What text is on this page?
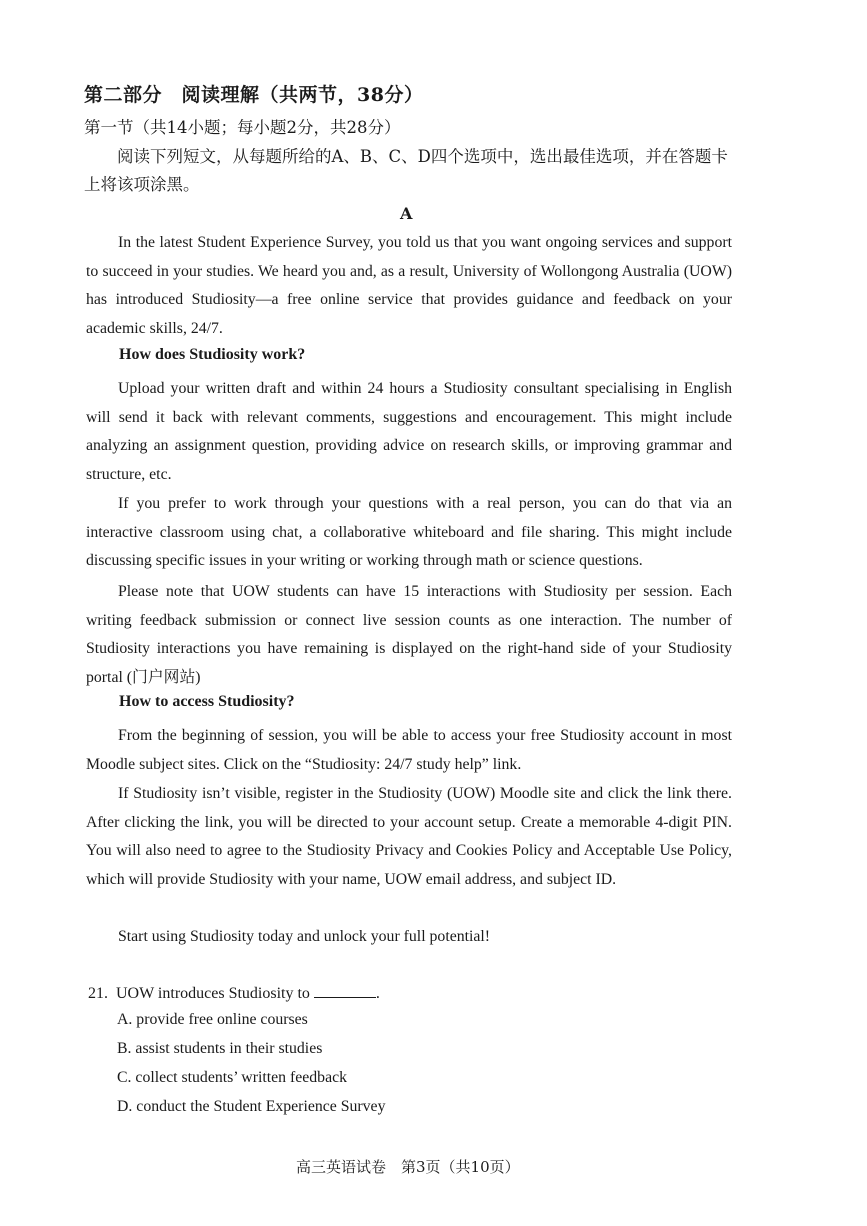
第二部分　阅读理解（共两节，38分）
第一节（共14小题；每小题2分，共28分）
阅读下列短文，从每题所给的A、B、C、D四个选项中，选出最佳选项，并在答题卡上将该项涂黑。
A
In the latest Student Experience Survey, you told us that you want ongoing services and support to succeed in your studies. We heard you and, as a result, University of Wollongong Australia (UOW) has introduced Studiosity—a free online service that provides guidance and feedback on your academic skills, 24/7.
How does Studiosity work?
Upload your written draft and within 24 hours a Studiosity consultant specialising in English will send it back with relevant comments, suggestions and encouragement. This might include analyzing an assignment question, providing advice on research skills, or improving grammar and structure, etc.
If you prefer to work through your questions with a real person, you can do that via an interactive classroom using chat, a collaborative whiteboard and file sharing. This might include discussing specific issues in your writing or working through math or science questions.
Please note that UOW students can have 15 interactions with Studiosity per session. Each writing feedback submission or connect live session counts as one interaction. The number of Studiosity interactions you have remaining is displayed on the right-hand side of your Studiosity portal (门户网站)
How to access Studiosity?
From the beginning of session, you will be able to access your free Studiosity account in most Moodle subject sites. Click on the “Studiosity: 24/7 study help” link.
If Studiosity isn’t visible, register in the Studiosity (UOW) Moodle site and click the link there. After clicking the link, you will be directed to your account setup. Create a memorable 4-digit PIN. You will also need to agree to the Studiosity Privacy and Cookies Policy and Acceptable Use Policy, which will provide Studiosity with your name, UOW email address, and subject ID.
Start using Studiosity today and unlock your full potential!
21. UOW introduces Studiosity to	.
A. provide free online courses
B. assist students in their studies
C. collect students’ written feedback
D. conduct the Student Experience Survey
高三英语试卷　第3页（共10页）
